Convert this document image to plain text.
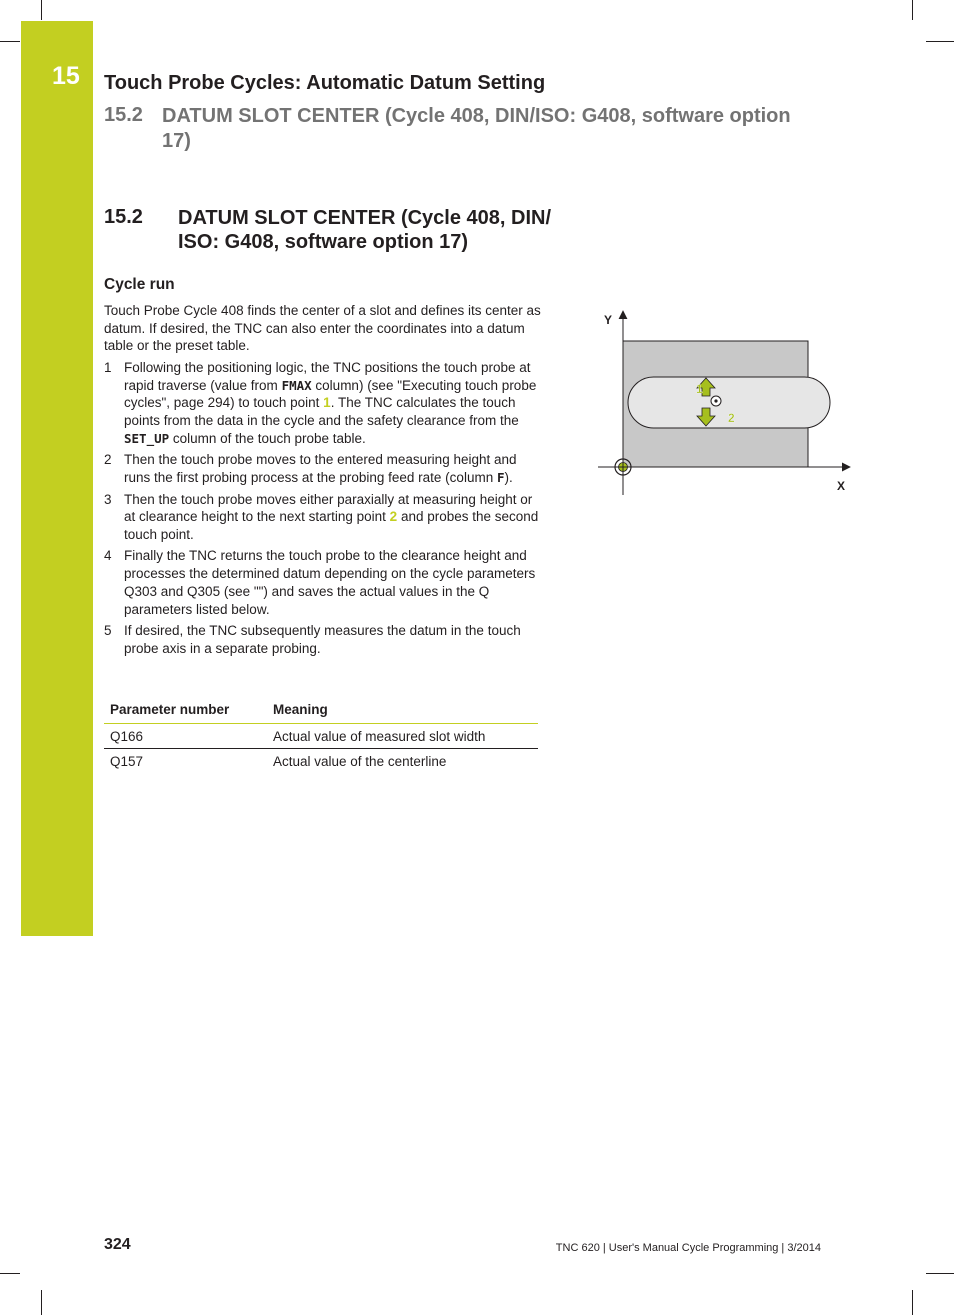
15 Touch Probe Cycles: Automatic Datum Setting
15.2 DATUM SLOT CENTER (Cycle 408, DIN/ISO: G408, software option 17)
15.2 DATUM SLOT CENTER (Cycle 408, DIN/ ISO: G408, software option 17)
Cycle run
Touch Probe Cycle 408 finds the center of a slot and defines its center as datum. If desired, the TNC can also enter the coordinates into a datum table or the preset table.
1 Following the positioning logic, the TNC positions the touch probe at rapid traverse (value from FMAX column) (see "Executing touch probe cycles", page 294) to touch point 1. The TNC calculates the touch points from the data in the cycle and the safety clearance from the SET_UP column of the touch probe table.
2 Then the touch probe moves to the entered measuring height and runs the first probing process at the probing feed rate (column F).
3 Then the touch probe moves either paraxially at measuring height or at clearance height to the next starting point 2 and probes the second touch point.
4 Finally the TNC returns the touch probe to the clearance height and processes the determined datum depending on the cycle parameters Q303 and Q305 (see "") and saves the actual values in the Q parameters listed below.
5 If desired, the TNC subsequently measures the datum in the touch probe axis in a separate probing.
Parameter number	Meaning
Q166	Actual value of measured slot width
Q157	Actual value of the centerline
Y
X
1
2
324	TNC 620 | User's Manual Cycle Programming | 3/2014
